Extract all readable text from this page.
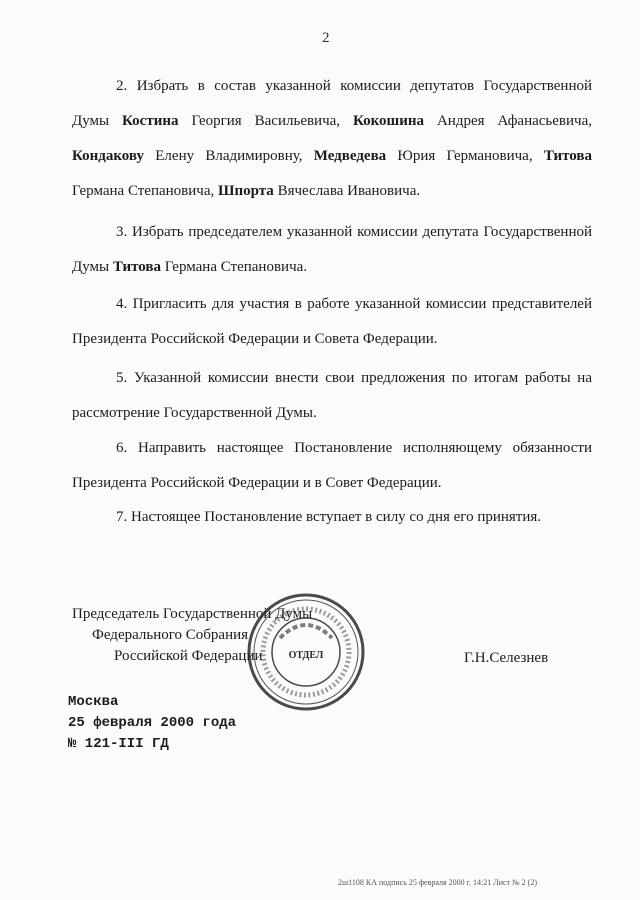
2
2. Избрать в состав указанной комиссии депутатов Государственной Думы Костина Георгия Васильевича, Кокошина Андрея Афанасьевича, Кондакову Елену Владимировну, Медведева Юрия Германовича, Титова Германа Степановича, Шпорта Вячеслава Ивановича.
3. Избрать председателем указанной комиссии депутата Государственной Думы Титова Германа Степановича.
4. Пригласить для участия в работе указанной комиссии представителей Президента Российской Федерации и Совета Федерации.
5. Указанной комиссии внести свои предложения по итогам работы на рассмотрение Государственной Думы.
6. Направить настоящее Постановление исполняющему обязанности Президента Российской Федерации и в Совет Федерации.
7. Настоящее Постановление вступает в силу со дня его принятия.
Председатель Государственной Думы
Федерального Собрания
Российской Федерации	ОТДЕЛ	Г.Н.Селезнев
Москва
25 февраля 2000 года
№ 121-III ГД
2ш1108 КА подпись 25 февраля 2000 г. 14:21 Лист № 2 (2)
